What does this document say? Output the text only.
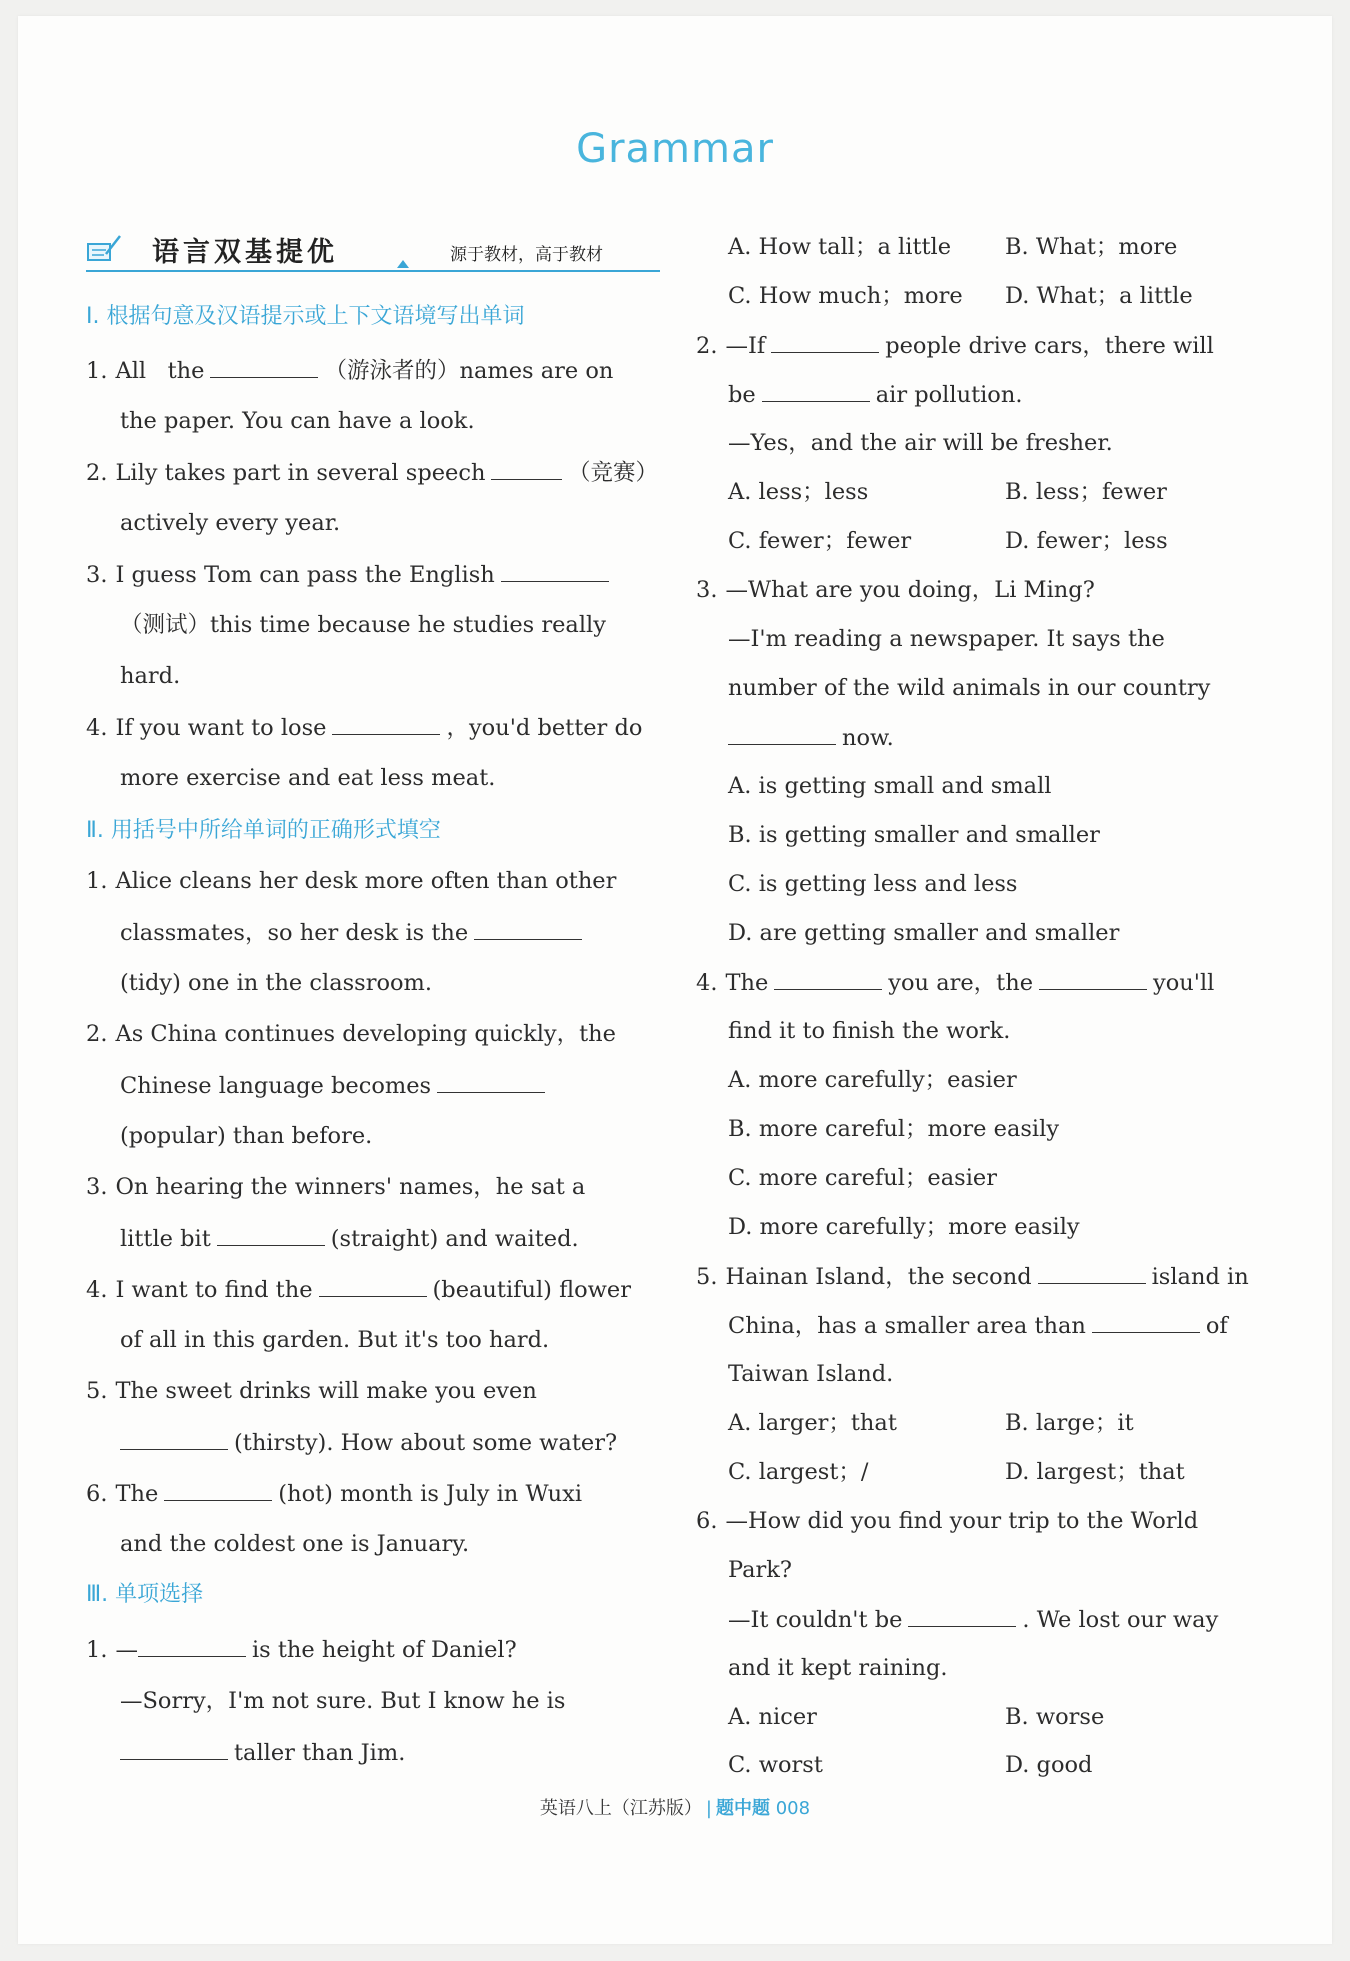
Grammar
语言双基提优	源于教材，高于教材
Ⅰ. 根据句意及汉语提示或上下文语境写出单词
1. All
the	（游泳者的）names are on
the paper. You can have a look.
2. Lily takes part in several speech	（竞赛）
actively every year.
3. I guess Tom can pass the English
（测试）this time because he studies really
hard.
4. If you want to lose	，you'd better do
more exercise and eat less meat.
Ⅱ. 用括号中所给单词的正确形式填空
1. Alice cleans her desk more often than other
classmates，so her desk is the
(tidy) one in the classroom.
2. As China continues developing quickly，the
Chinese language becomes
(popular) than before.
3. On hearing the winners' names，he sat a
little bit	(straight) and waited.
4. I want to find the	(beautiful) flower
of all in this garden. But it's too hard.
5. The sweet drinks will make you even
(thirsty). How about some water?
6. The	(hot) month is July in Wuxi
and the coldest one is January.
Ⅲ. 单项选择
1. —	is the height of Daniel?
—Sorry，I'm not sure. But I know he is
taller than Jim.
A. How tall；a little B. What；more
C. How much；more D. What；a little
2. —If	people drive cars，there will
be	air pollution.
—Yes，and the air will be fresher.
A. less；less	B. less；fewer
C. fewer；fewer	D. fewer；less
3. —What are you doing，Li Ming?
—I'm reading a newspaper. It says the
number of the wild animals in our country
now.
A. is getting small and small
B. is getting smaller and smaller
C. is getting less and less
D. are getting smaller and smaller
4. The	you are，the	you'll
find it to finish the work.
A. more carefully；easier
B. more careful；more easily
C. more careful；easier
D. more carefully；more easily
5. Hainan Island，the second	island in
China，has a smaller area than	of
Taiwan Island.
A. larger；that	B. large；it
C. largest；/	D. largest；that
6. —How did you find your trip to the World
Park?
—It couldn't be	. We lost our way
and it kept raining.
A. nicer	B. worse
C. worst	D. good
英语八上（江苏版） | 题中题 008
